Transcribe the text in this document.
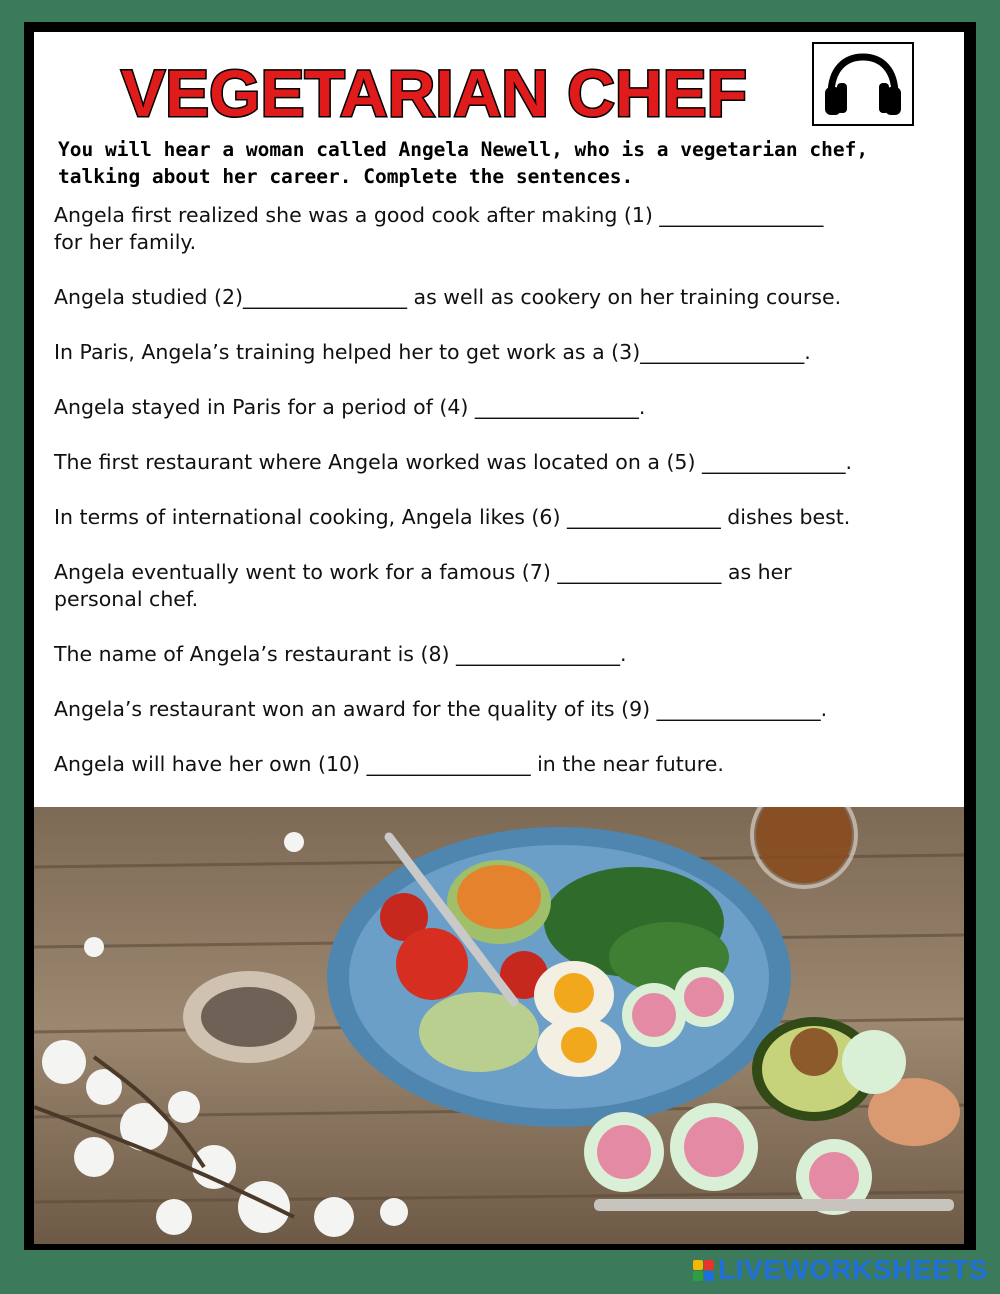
VEGETARIAN CHEF

You will hear a woman called Angela Newell, who is a vegetarian chef, talking about her career. Complete the sentences.

Angela first realized she was a good cook after making (1) ________________
for her family.

Angela studied (2)________________ as well as cookery on her training course.

In Paris, Angela’s training helped her to get work as a (3)________________.

Angela stayed in Paris for a period of (4) ________________.

The first restaurant where Angela worked was located on a (5) ______________.

In terms of international cooking, Angela likes (6) _______________ dishes best.

Angela eventually went to work for a famous (7) ________________ as her
personal chef.

The name of Angela’s restaurant is (8) ________________.

Angela’s restaurant won an award for the quality of its (9) ________________.

Angela will have her own (10) ________________ in the near future.

LIVEWORKSHEETS
